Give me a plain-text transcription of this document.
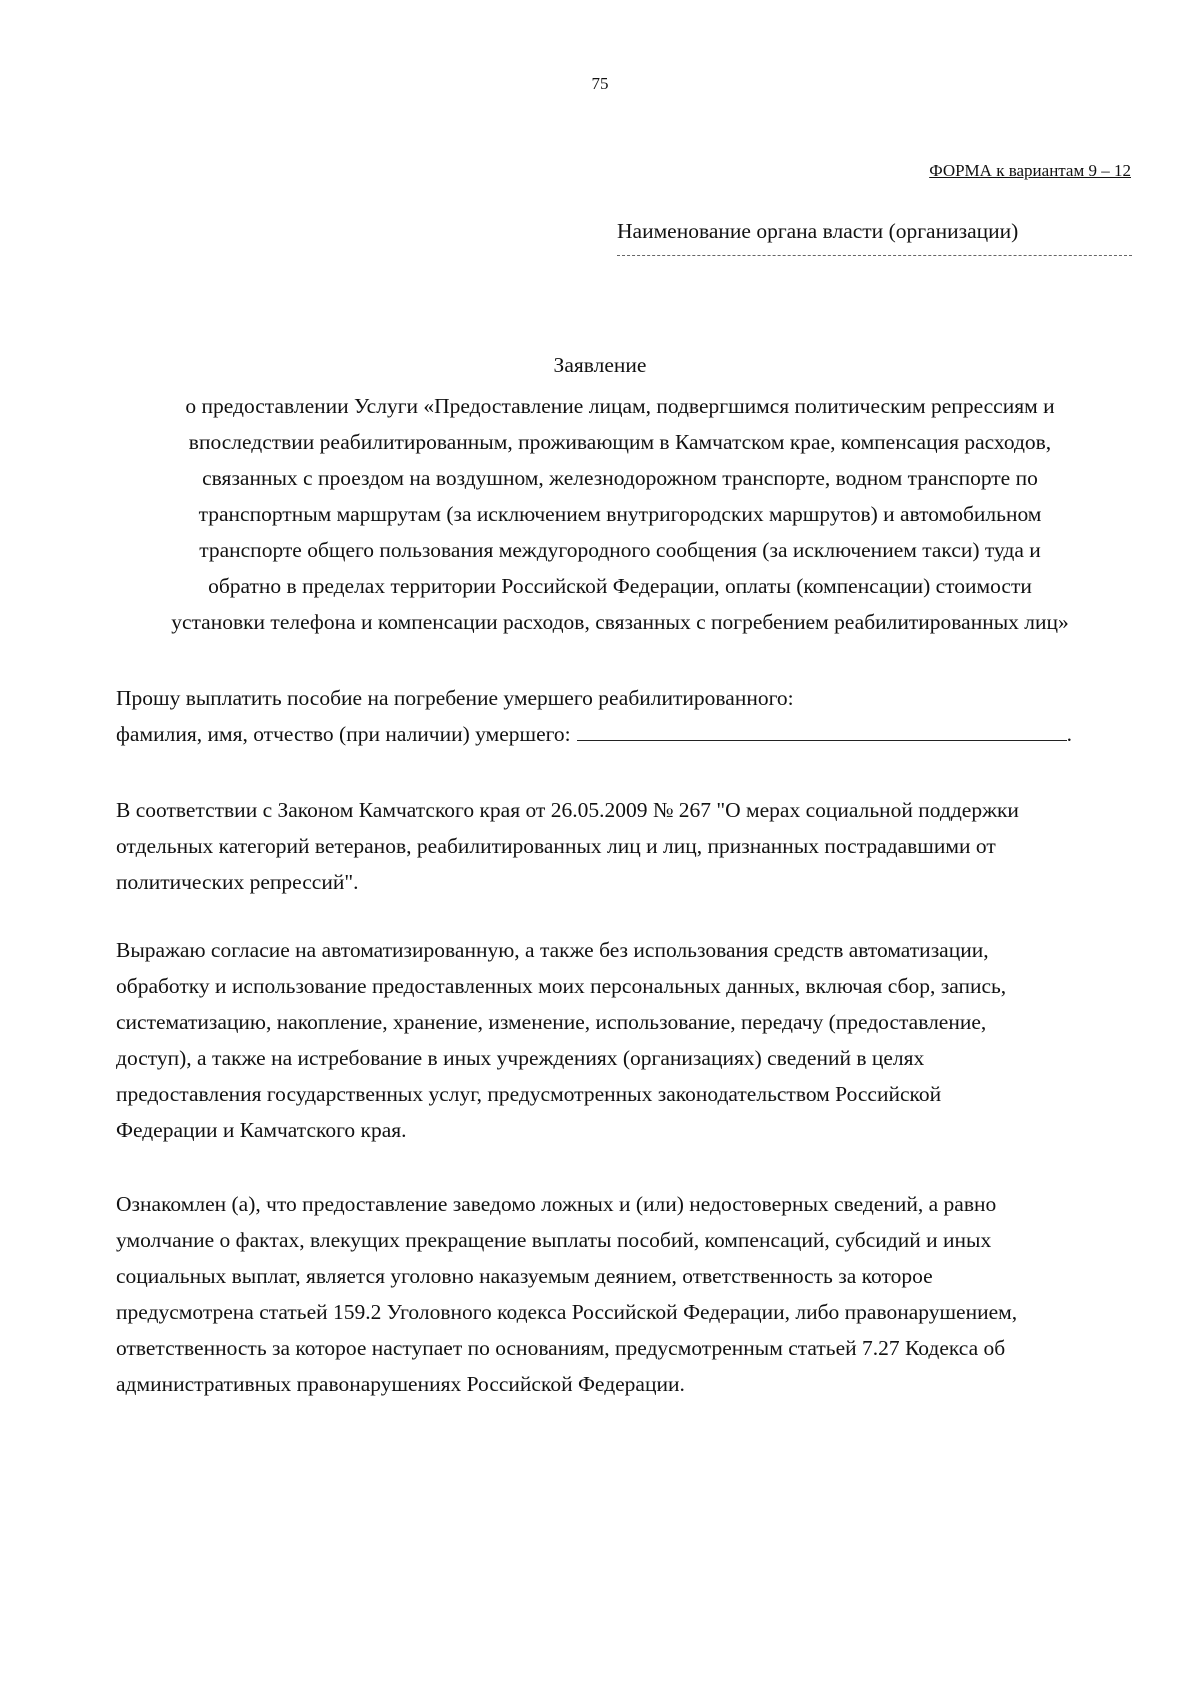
75
ФОРМА к вариантам 9 – 12
Наименование органа власти (организации)
Заявление
о предоставлении Услуги «Предоставление лицам, подвергшимся политическим репрессиям и
впоследствии реабилитированным, проживающим в Камчатском крае, компенсация расходов,
связанных с проездом на воздушном, железнодорожном транспорте, водном транспорте по
транспортным маршрутам (за исключением внутригородских маршрутов) и автомобильном
транспорте общего пользования междугородного сообщения (за исключением такси) туда и
обратно в пределах территории Российской Федерации, оплаты (компенсации) стоимости
установки телефона и компенсации расходов, связанных с погребением реабилитированных лиц»
Прошу выплатить пособие на погребение умершего реабилитированного:
фамилия, имя, отчество (при наличии) умершего:	.
В соответствии с Законом Камчатского края от 26.05.2009 № 267 "О мерах социальной поддержки
отдельных категорий ветеранов, реабилитированных лиц и лиц, признанных пострадавшими от
политических репрессий".
Выражаю согласие на автоматизированную, а также без использования средств автоматизации,
обработку и использование предоставленных моих персональных данных, включая сбор, запись,
систематизацию, накопление, хранение, изменение, использование, передачу (предоставление,
доступ), а также на истребование в иных учреждениях (организациях) сведений в целях
предоставления государственных услуг, предусмотренных законодательством Российской
Федерации и Камчатского края.
Ознакомлен (а), что предоставление заведомо ложных и (или) недостоверных сведений, а равно
умолчание о фактах, влекущих прекращение выплаты пособий, компенсаций, субсидий и иных
социальных выплат, является уголовно наказуемым деянием, ответственность за которое
предусмотрена статьей 159.2 Уголовного кодекса Российской Федерации, либо правонарушением,
ответственность за которое наступает по основаниям, предусмотренным статьей 7.27 Кодекса об
административных правонарушениях Российской Федерации.
